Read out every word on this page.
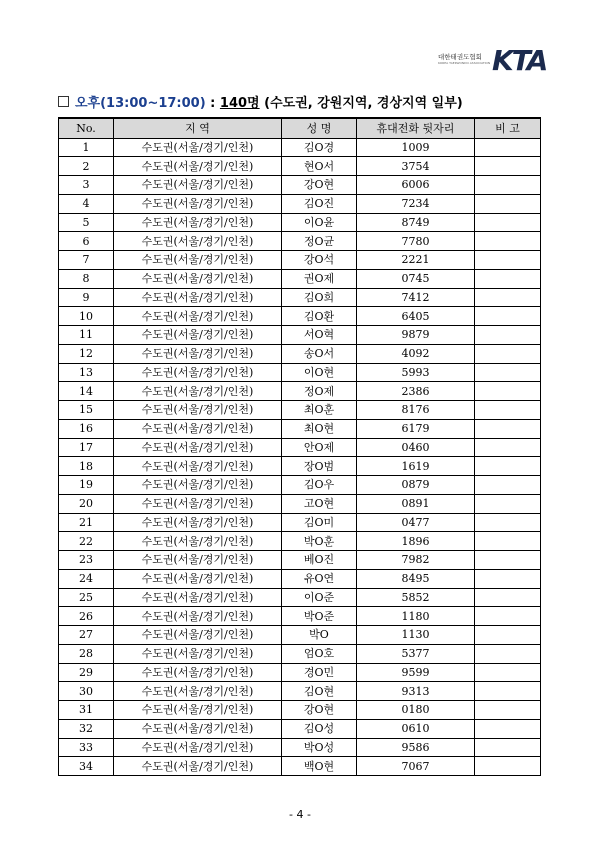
대한태권도협회
KOREA TAEKWONDO ASSOCIATION KTA
오후(13:00~17:00) : 140명 (수도권, 강원지역, 경상지역 일부)
No.	지 역	성 명	휴대전화 뒷자리	비 고
1	수도권(서울/경기/인천)	김O경	1009	
2	수도권(서울/경기/인천)	현O서	3754	
3	수도권(서울/경기/인천)	강O현	6006	
4	수도권(서울/경기/인천)	김O진	7234	
5	수도권(서울/경기/인천)	이O윤	8749	
6	수도권(서울/경기/인천)	정O균	7780	
7	수도권(서울/경기/인천)	강O석	2221	
8	수도권(서울/경기/인천)	권O제	0745	
9	수도권(서울/경기/인천)	김O희	7412	
10	수도권(서울/경기/인천)	김O환	6405	
11	수도권(서울/경기/인천)	서O혁	9879	
12	수도권(서울/경기/인천)	송O서	4092	
13	수도권(서울/경기/인천)	이O현	5993	
14	수도권(서울/경기/인천)	정O제	2386	
15	수도권(서울/경기/인천)	최O훈	8176	
16	수도권(서울/경기/인천)	최O현	6179	
17	수도권(서울/경기/인천)	안O제	0460	
18	수도권(서울/경기/인천)	장O범	1619	
19	수도권(서울/경기/인천)	김O우	0879	
20	수도권(서울/경기/인천)	고O현	0891	
21	수도권(서울/경기/인천)	김O미	0477	
22	수도권(서울/경기/인천)	박O훈	1896	
23	수도권(서울/경기/인천)	베O진	7982	
24	수도권(서울/경기/인천)	유O연	8495	
25	수도권(서울/경기/인천)	이O준	5852	
26	수도권(서울/경기/인천)	박O준	1180	
27	수도권(서울/경기/인천)	박O	1130	
28	수도권(서울/경기/인천)	엄O호	5377	
29	수도권(서울/경기/인천)	경O민	9599	
30	수도권(서울/경기/인천)	김O현	9313	
31	수도권(서울/경기/인천)	강O현	0180	
32	수도권(서울/경기/인천)	김O성	0610	
33	수도권(서울/경기/인천)	박O성	9586	
34	수도권(서울/경기/인천)	백O현	7067	
- 4 -
